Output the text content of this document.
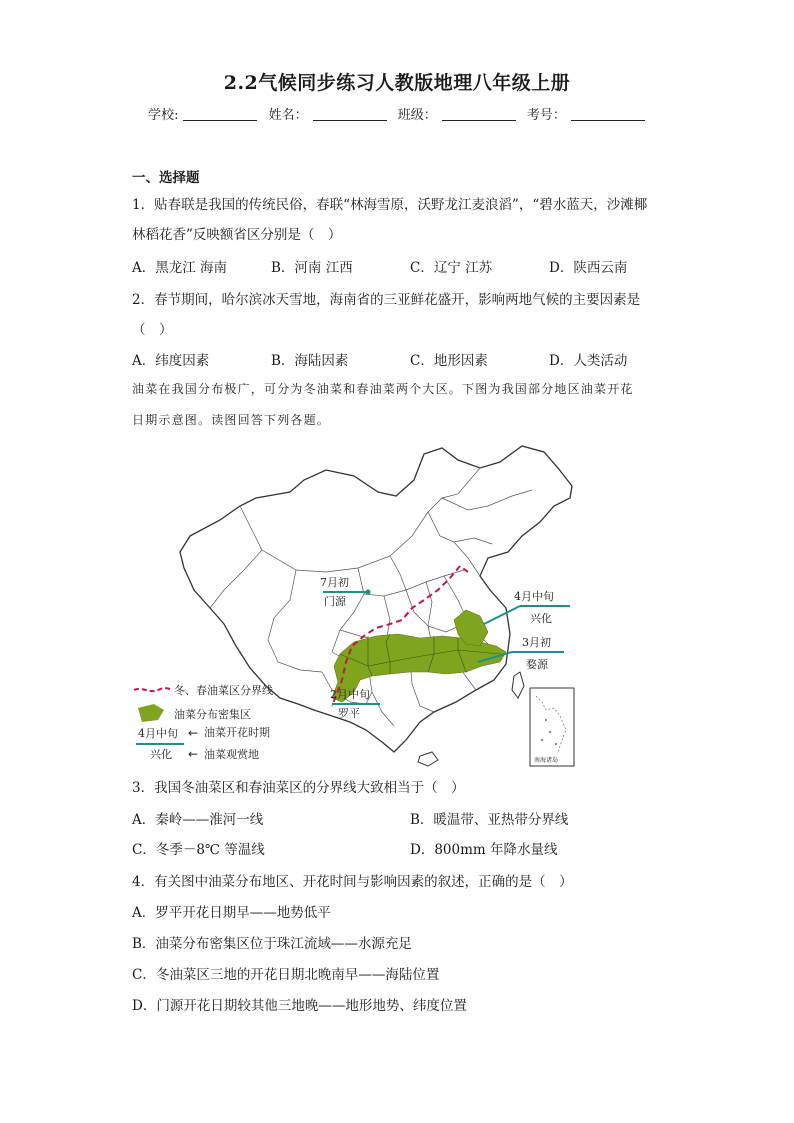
2.2气候同步练习人教版地理八年级上册
学校:	姓名：	班级：	考号：
一、选择题
1．贴春联是我国的传统民俗，春联“林海雪原，沃野龙江麦浪滔”，“碧水蓝天，沙滩椰
林稻花香”反映额省区分别是（　）
A．黑龙江 海南	B．河南 江西	C．辽宁 江苏	D．陕西云南
2．春节期间，哈尔滨冰天雪地，海南省的三亚鲜花盛开，影响两地气候的主要因素是
（　）
A．纬度因素	B．海陆因素	C．地形因素	D．人类活动
油菜在我国分布极广，可分为冬油菜和春油菜两个大区。下图为我国部分地区油菜开花
日期示意图。读图回答下列各题。
7月初
门源	4月中旬
兴化
3月初
婺源
2月中旬
罗平
南海诸岛
冬、春油菜区分界线
油菜分布密集区
4月中旬
兴化
← 油菜开花时期
← 油菜观赏地
3．我国冬油菜区和春油菜区的分界线大致相当于（　）
A．秦岭——淮河一线	B．暖温带、亚热带分界线
C．冬季－8℃ 等温线	D．800mm 年降水量线
4．有关图中油菜分布地区、开花时间与影响因素的叙述，正确的是（　）
A．罗平开花日期早——地势低平
B．油菜分布密集区位于珠江流域——水源充足
C．冬油菜区三地的开花日期北晚南早——海陆位置
D．门源开花日期较其他三地晚——地形地势、纬度位置
